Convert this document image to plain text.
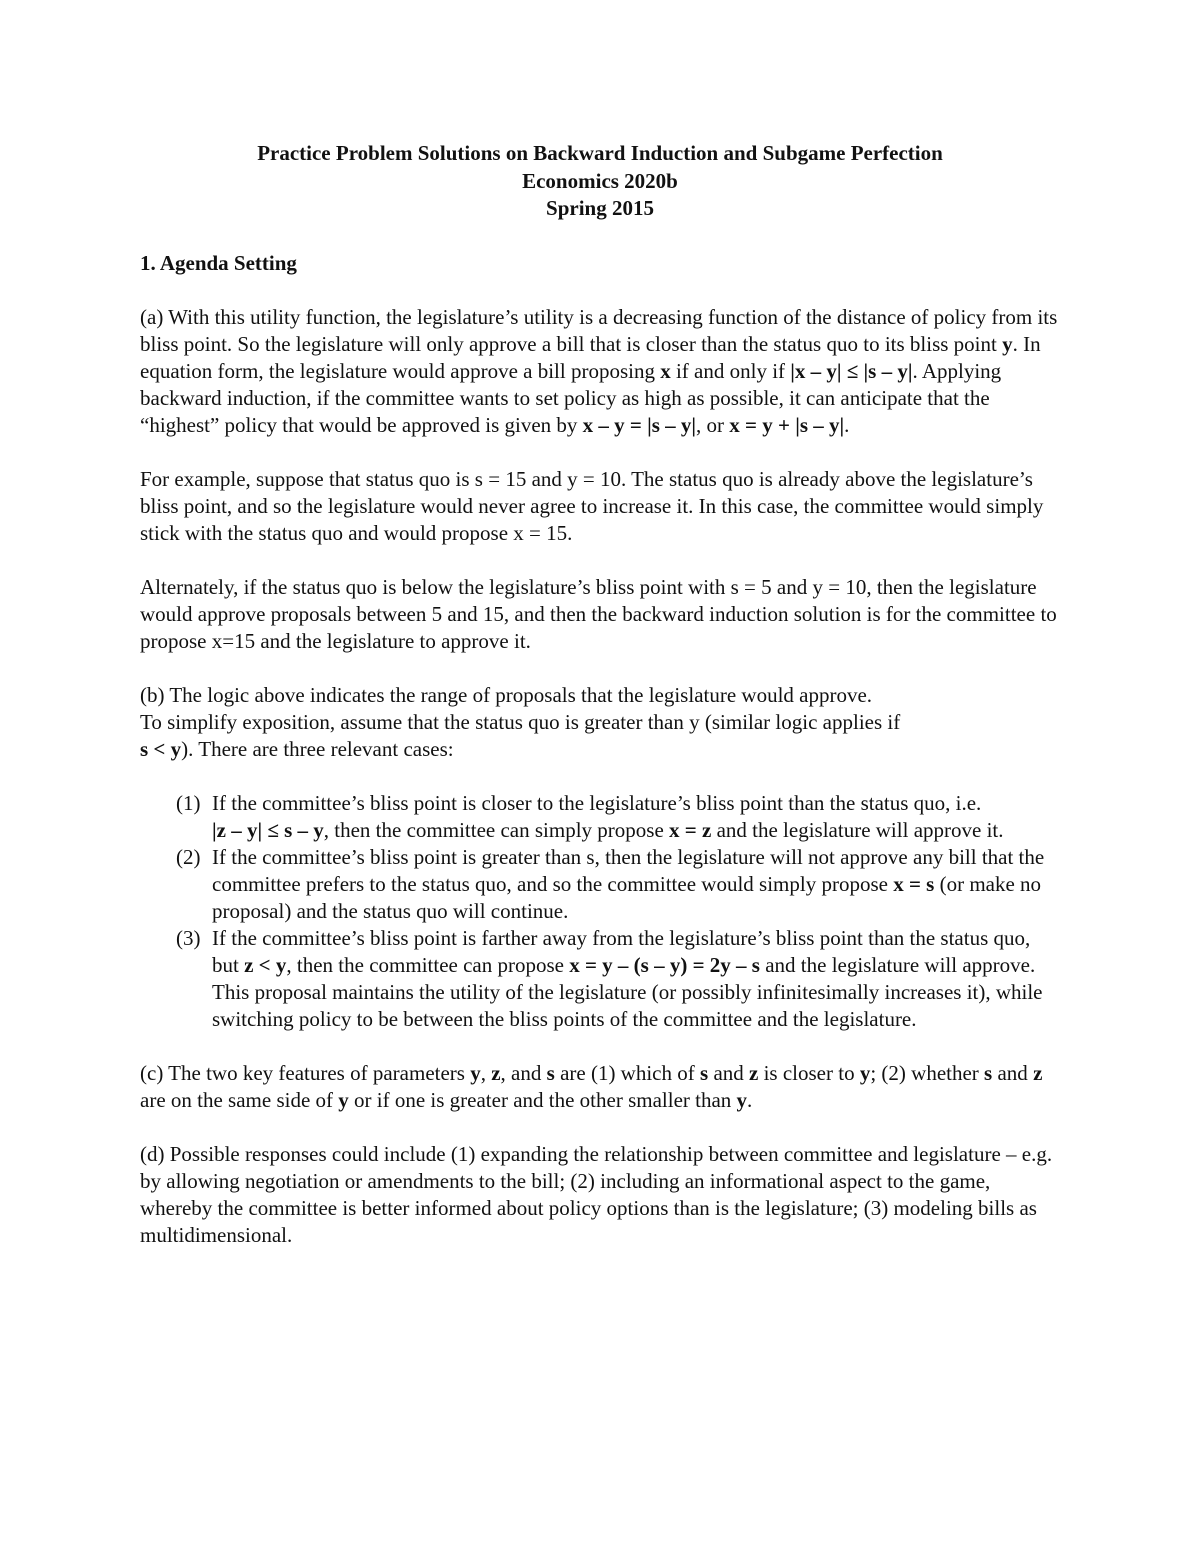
Practice Problem Solutions on Backward Induction and Subgame Perfection
Economics 2020b
Spring 2015
1. Agenda Setting

(a) With this utility function, the legislature’s utility is a decreasing function of the distance of policy from its bliss point. So the legislature will only approve a bill that is closer than the status quo to its bliss point y. In equation form, the legislature would approve a bill proposing x if and only if |x – y| ≤ |s – y|. Applying backward induction, if the committee wants to set policy as high as possible, it can anticipate that the “highest” policy that would be approved is given by x – y = |s – y|, or x = y + |s – y|.

For example, suppose that status quo is s = 15 and y = 10. The status quo is already above the legislature’s bliss point, and so the legislature would never agree to increase it. In this case, the committee would simply stick with the status quo and would propose x = 15.

Alternately, if the status quo is below the legislature’s bliss point with s = 5 and y = 10, then the legislature would approve proposals between 5 and 15, and then the backward induction solution is for the committee to propose x=15 and the legislature to approve it.

(b) The logic above indicates the range of proposals that the legislature would approve.
To simplify exposition, assume that the status quo is greater than y (similar logic applies if
s < y). There are three relevant cases:

(1) If the committee’s bliss point is closer to the legislature’s bliss point than the status quo, i.e.
|z – y| ≤ s – y, then the committee can simply propose x = z and the legislature will approve it.
(2) If the committee’s bliss point is greater than s, then the legislature will not approve any bill that the committee prefers to the status quo, and so the committee would simply propose x = s (or make no proposal) and the status quo will continue.
(3) If the committee’s bliss point is farther away from the legislature’s bliss point than the status quo, but z < y, then the committee can propose x = y – (s – y) = 2y – s and the legislature will approve. This proposal maintains the utility of the legislature (or possibly infinitesimally increases it), while switching policy to be between the bliss points of the committee and the legislature.

(c) The two key features of parameters y, z, and s are (1) which of s and z is closer to y; (2) whether s and z are on the same side of y or if one is greater and the other smaller than y.

(d) Possible responses could include (1) expanding the relationship between committee and legislature – e.g. by allowing negotiation or amendments to the bill; (2) including an informational aspect to the game, whereby the committee is better informed about policy options than is the legislature; (3) modeling bills as multidimensional.
